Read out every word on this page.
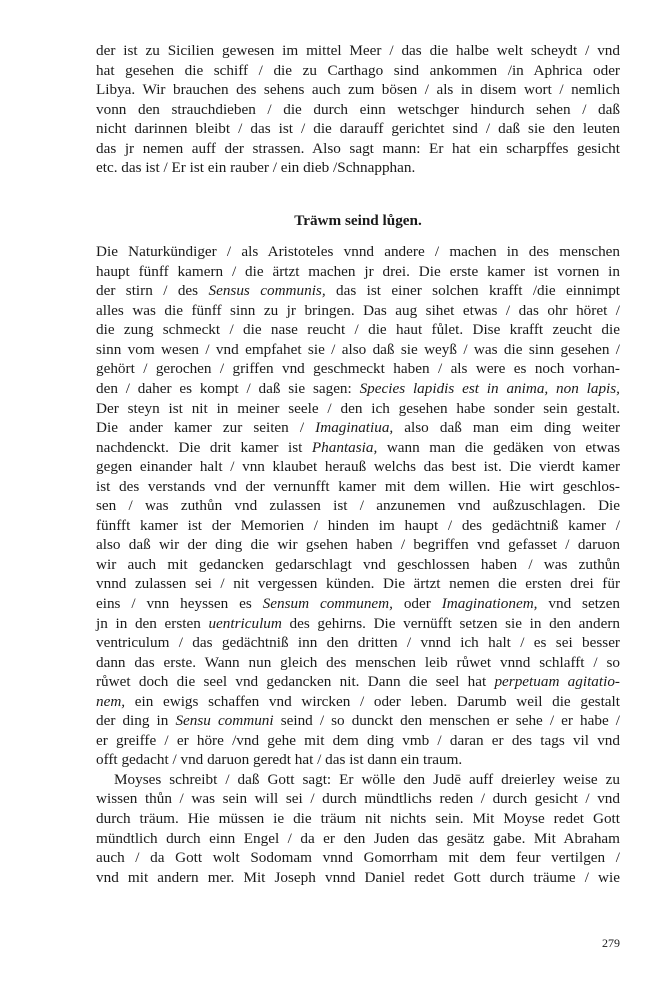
der ist zu Sicilien gewesen im mittel Meer / das die halbe welt scheydt / vnd
hat gesehen die schiff / die zu Carthago sind ankommen /in Aphrica oder
Libya. Wir brauchen des sehens auch zum bösen / als in disem wort / nemlich
vonn den strauchdieben / die durch einn wetschger hindurch sehen / daß
nicht darinnen bleibt / das ist / die darauff gerichtet sind / daß sie den leuten
das jr nemen auff der strassen. Also sagt mann: Er hat ein scharpffes gesicht
etc. das ist / Er ist ein rauber / ein dieb /Schnapphan.
Träwm seind lůgen.
Die Naturkündiger / als Aristoteles vnnd andere / machen in des menschen
haupt fünff kamern / die ärtzt machen jr drei. Die erste kamer ist vornen in
der stirn / des Sensus communis, das ist einer solchen krafft /die einnimpt
alles was die fünff sinn zu jr bringen. Das aug sihet etwas / das ohr höret /
die zung schmeckt / die nase reucht / die haut fůlet. Dise krafft zeucht die
sinn vom wesen / vnd empfahet sie / also daß sie weyß / was die sinn gesehen /
gehört / gerochen / griffen vnd geschmeckt haben / als were es noch vorhan-
den / daher es kompt / daß sie sagen: Species lapidis est in anima, non lapis,
Der steyn ist nit in meiner seele / den ich gesehen habe sonder sein gestalt.
Die ander kamer zur seiten / Imaginatiua, also daß man eim ding weiter
nachdenckt. Die drit kamer ist Phantasia, wann man die gedäken von etwas
gegen einander halt / vnn klaubet herauß welchs das best ist. Die vierdt kamer
ist des verstands vnd der vernunfft kamer mit dem willen. Hie wirt geschlos-
sen / was zuthůn vnd zulassen ist / anzunemen vnd außzuschlagen. Die
fünfft kamer ist der Memorien / hinden im haupt / des gedächtniß kamer /
also daß wir der ding die wir gsehen haben / begriffen vnd gefasset / daruon
wir auch mit gedancken gedarschlagt vnd geschlossen haben / was zuthůn
vnnd zulassen sei / nit vergessen künden. Die ärtzt nemen die ersten drei für
eins / vnn heyssen es Sensum communem, oder Imaginationem, vnd setzen
jn in den ersten uentriculum des gehirns. Die vernüfft setzen sie in den andern
ventriculum / das gedächtniß inn den dritten / vnnd ich halt / es sei besser
dann das erste. Wann nun gleich des menschen leib růwet vnnd schlafft / so
růwet doch die seel vnd gedancken nit. Dann die seel hat perpetuam agitatio-
nem, ein ewigs schaffen vnd wircken / oder leben. Darumb weil die gestalt
der ding in Sensu communi seind / so dunckt den menschen er sehe / er habe /
er greiffe / er höre /vnd gehe mit dem ding vmb / daran er des tags vil vnd
offt gedacht / vnd daruon geredt hat / das ist dann ein traum.
Moyses schreibt / daß Gott sagt: Er wölle den Judē auff dreierley weise zu
wissen thůn / was sein will sei / durch mündtlichs reden / durch gesicht / vnd
durch träum. Hie müssen ie die träum nit nichts sein. Mit Moyse redet Gott
mündtlich durch einn Engel / da er den Juden das gesätz gabe. Mit Abraham
auch / da Gott wolt Sodomam vnnd Gomorrham mit dem feur vertilgen /
vnd mit andern mer. Mit Joseph vnnd Daniel redet Gott durch träume / wie
279
